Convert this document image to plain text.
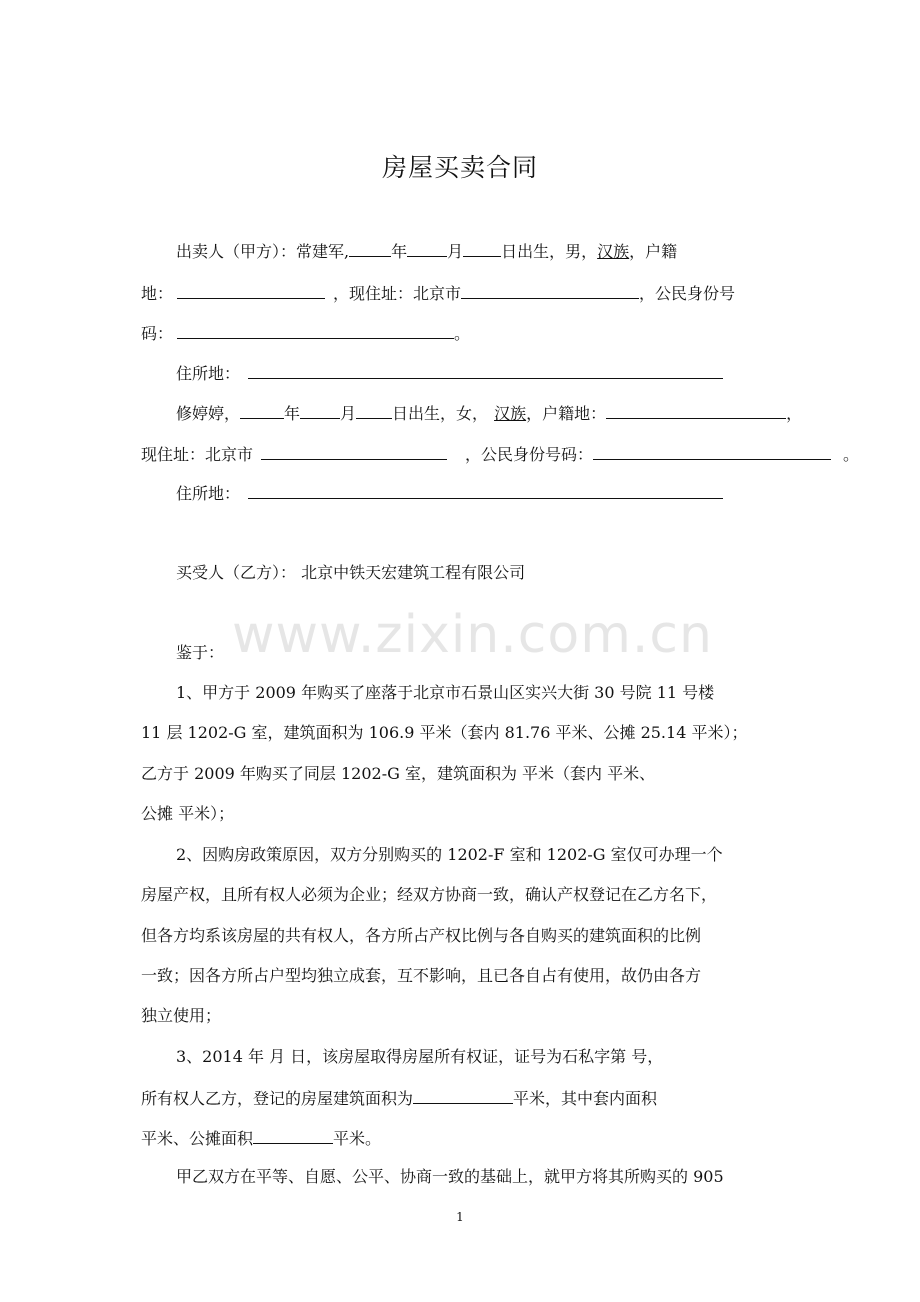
www.zixin.com.cn
房屋买卖合同
出卖人（甲方）：常建军,	年	月 日出生，男，汉族，户籍
地：	，现住址：北京市	，公民身份号
码：	。
住所地：
修婷婷，	年	月 日出生，女， 汉族，户籍地：	，
现住址：北京市	，公民身份号码：	。
住所地：
买受人（乙方）： 北京中铁天宏建筑工程有限公司
鉴于：
1、甲方于 2009 年购买了座落于北京市石景山区实兴大街 30 号院 11 号楼
11 层 1202-G 室，建筑面积为 106.9 平米（套内 81.76 平米、公摊 25.14 平米）；
乙方于 2009 年购买了同层 1202-G 室，建筑面积为 平米（套内 平米、
公摊 平米）；
2、因购房政策原因，双方分别购买的 1202-F 室和 1202-G 室仅可办理一个
房屋产权，且所有权人必须为企业；经双方协商一致，确认产权登记在乙方名下，
但各方均系该房屋的共有权人，各方所占产权比例与各自购买的建筑面积的比例
一致；因各方所占户型均独立成套，互不影响，且已各自占有使用，故仍由各方
独立使用；
3、2014 年 月 日，该房屋取得房屋所有权证，证号为石私字第 号，
所有权人乙方，登记的房屋建筑面积为	平米，其中套内面积
平米、公摊面积	平米。
甲乙双方在平等、自愿、公平、协商一致的基础上，就甲方将其所购买的 905
1
